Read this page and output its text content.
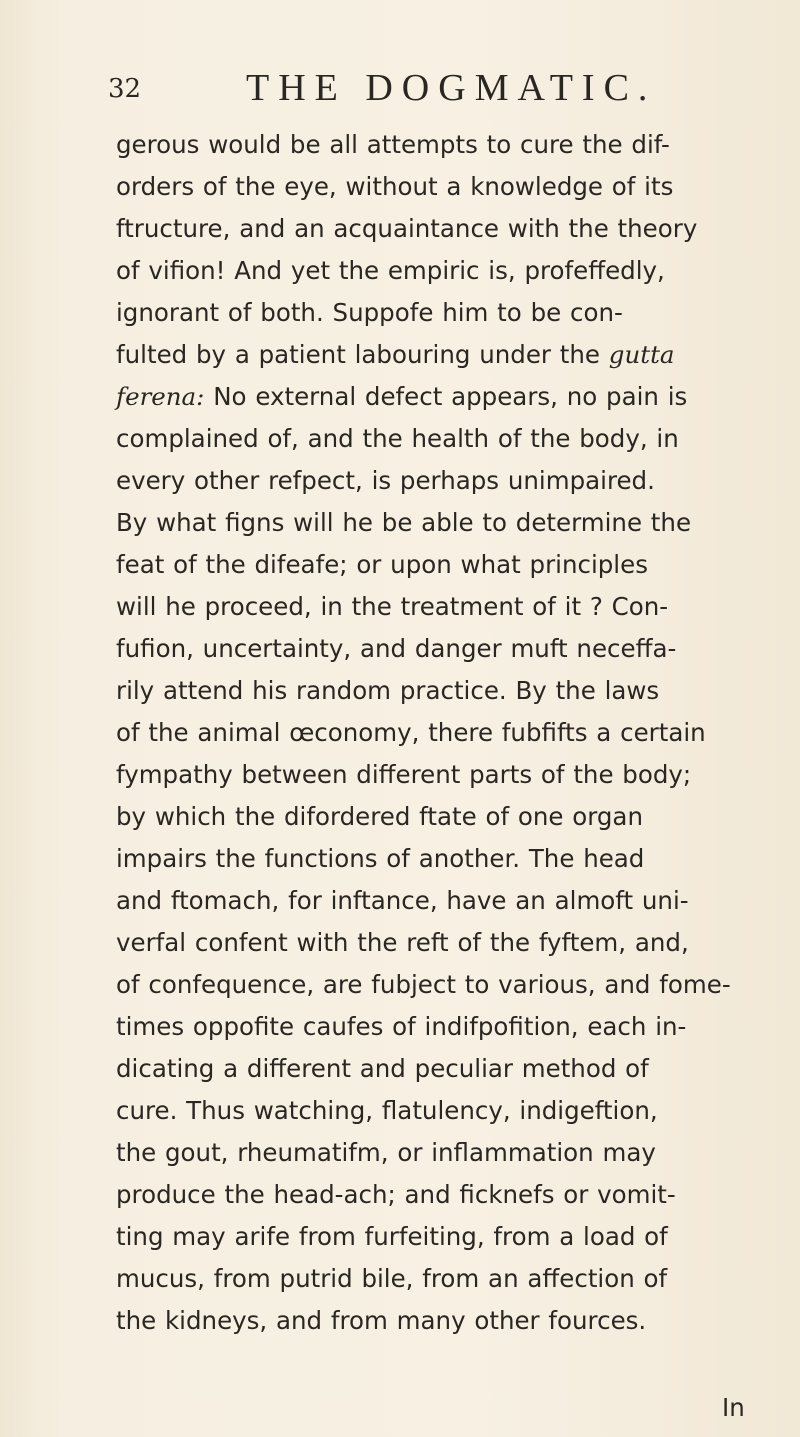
32	THE DOGMATIC.
gerous would be all attempts to cure the dif-
orders of the eye, without a knowledge of its
ftructure, and an acquaintance with the theory
of vifion! And yet the empiric is, profeffedly,
ignorant of both. Suppofe him to be con-
fulted by a patient labouring under the gutta
ferena: No external defect appears, no pain is
complained of, and the health of the body, in
every other refpect, is perhaps unimpaired.
By what figns will he be able to determine the
feat of the difeafe; or upon what principles
will he proceed, in the treatment of it ? Con-
fufion, uncertainty, and danger muft neceffa-
rily attend his random practice. By the laws
of the animal œconomy, there fubfifts a certain
fympathy between different parts of the body;
by which the difordered ftate of one organ
impairs the functions of another. The head
and ftomach, for inftance, have an almoft uni-
verfal confent with the reft of the fyftem, and,
of confequence, are fubject to various, and fome-
times oppofite caufes of indifpofition, each in-
dicating a different and peculiar method of
cure. Thus watching, flatulency, indigeftion,
the gout, rheumatifm, or inflammation may
produce the head-ach; and ficknefs or vomit-
ting may arife from furfeiting, from a load of
mucus, from putrid bile, from an affection of
the kidneys, and from many other fources.
In
